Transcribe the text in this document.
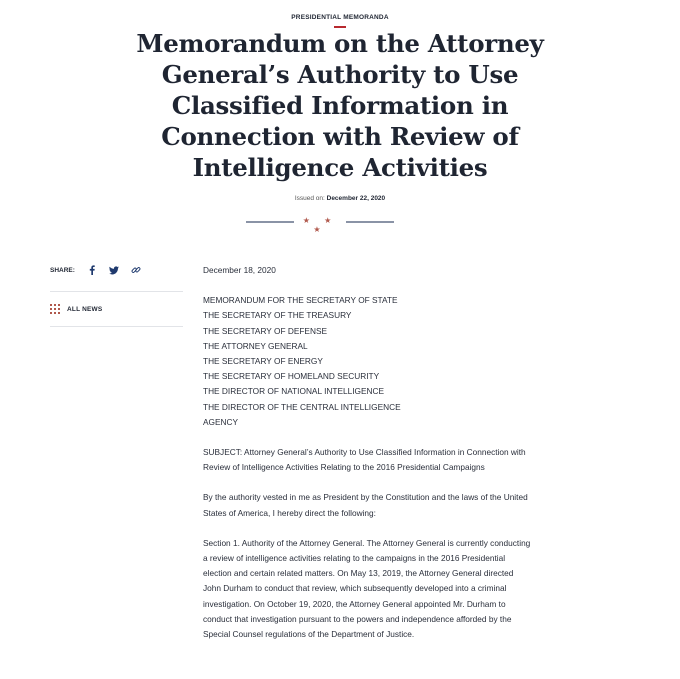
PRESIDENTIAL MEMORANDA
Memorandum on the Attorney General’s Authority to Use Classified Information in Connection with Review of Intelligence Activities
Issued on: December 22, 2020
★ ★ ★
SHARE:
ALL NEWS

December 18, 2020

MEMORANDUM FOR THE SECRETARY OF STATE
THE SECRETARY OF THE TREASURY
THE SECRETARY OF DEFENSE
THE ATTORNEY GENERAL
THE SECRETARY OF ENERGY
THE SECRETARY OF HOMELAND SECURITY
THE DIRECTOR OF NATIONAL INTELLIGENCE
THE DIRECTOR OF THE CENTRAL INTELLIGENCE
AGENCY

SUBJECT: Attorney General’s Authority to Use Classified Information in Connection with Review of Intelligence Activities Relating to the 2016 Presidential Campaigns

By the authority vested in me as President by the Constitution and the laws of the United States of America, I hereby direct the following:

Section 1. Authority of the Attorney General. The Attorney General is currently conducting a review of intelligence activities relating to the campaigns in the 2016 Presidential election and certain related matters. On May 13, 2019, the Attorney General directed John Durham to conduct that review, which subsequently developed into a criminal investigation. On October 19, 2020, the Attorney General appointed Mr. Durham to conduct that investigation pursuant to the powers and independence afforded by the Special Counsel regulations of the Department of Justice.
